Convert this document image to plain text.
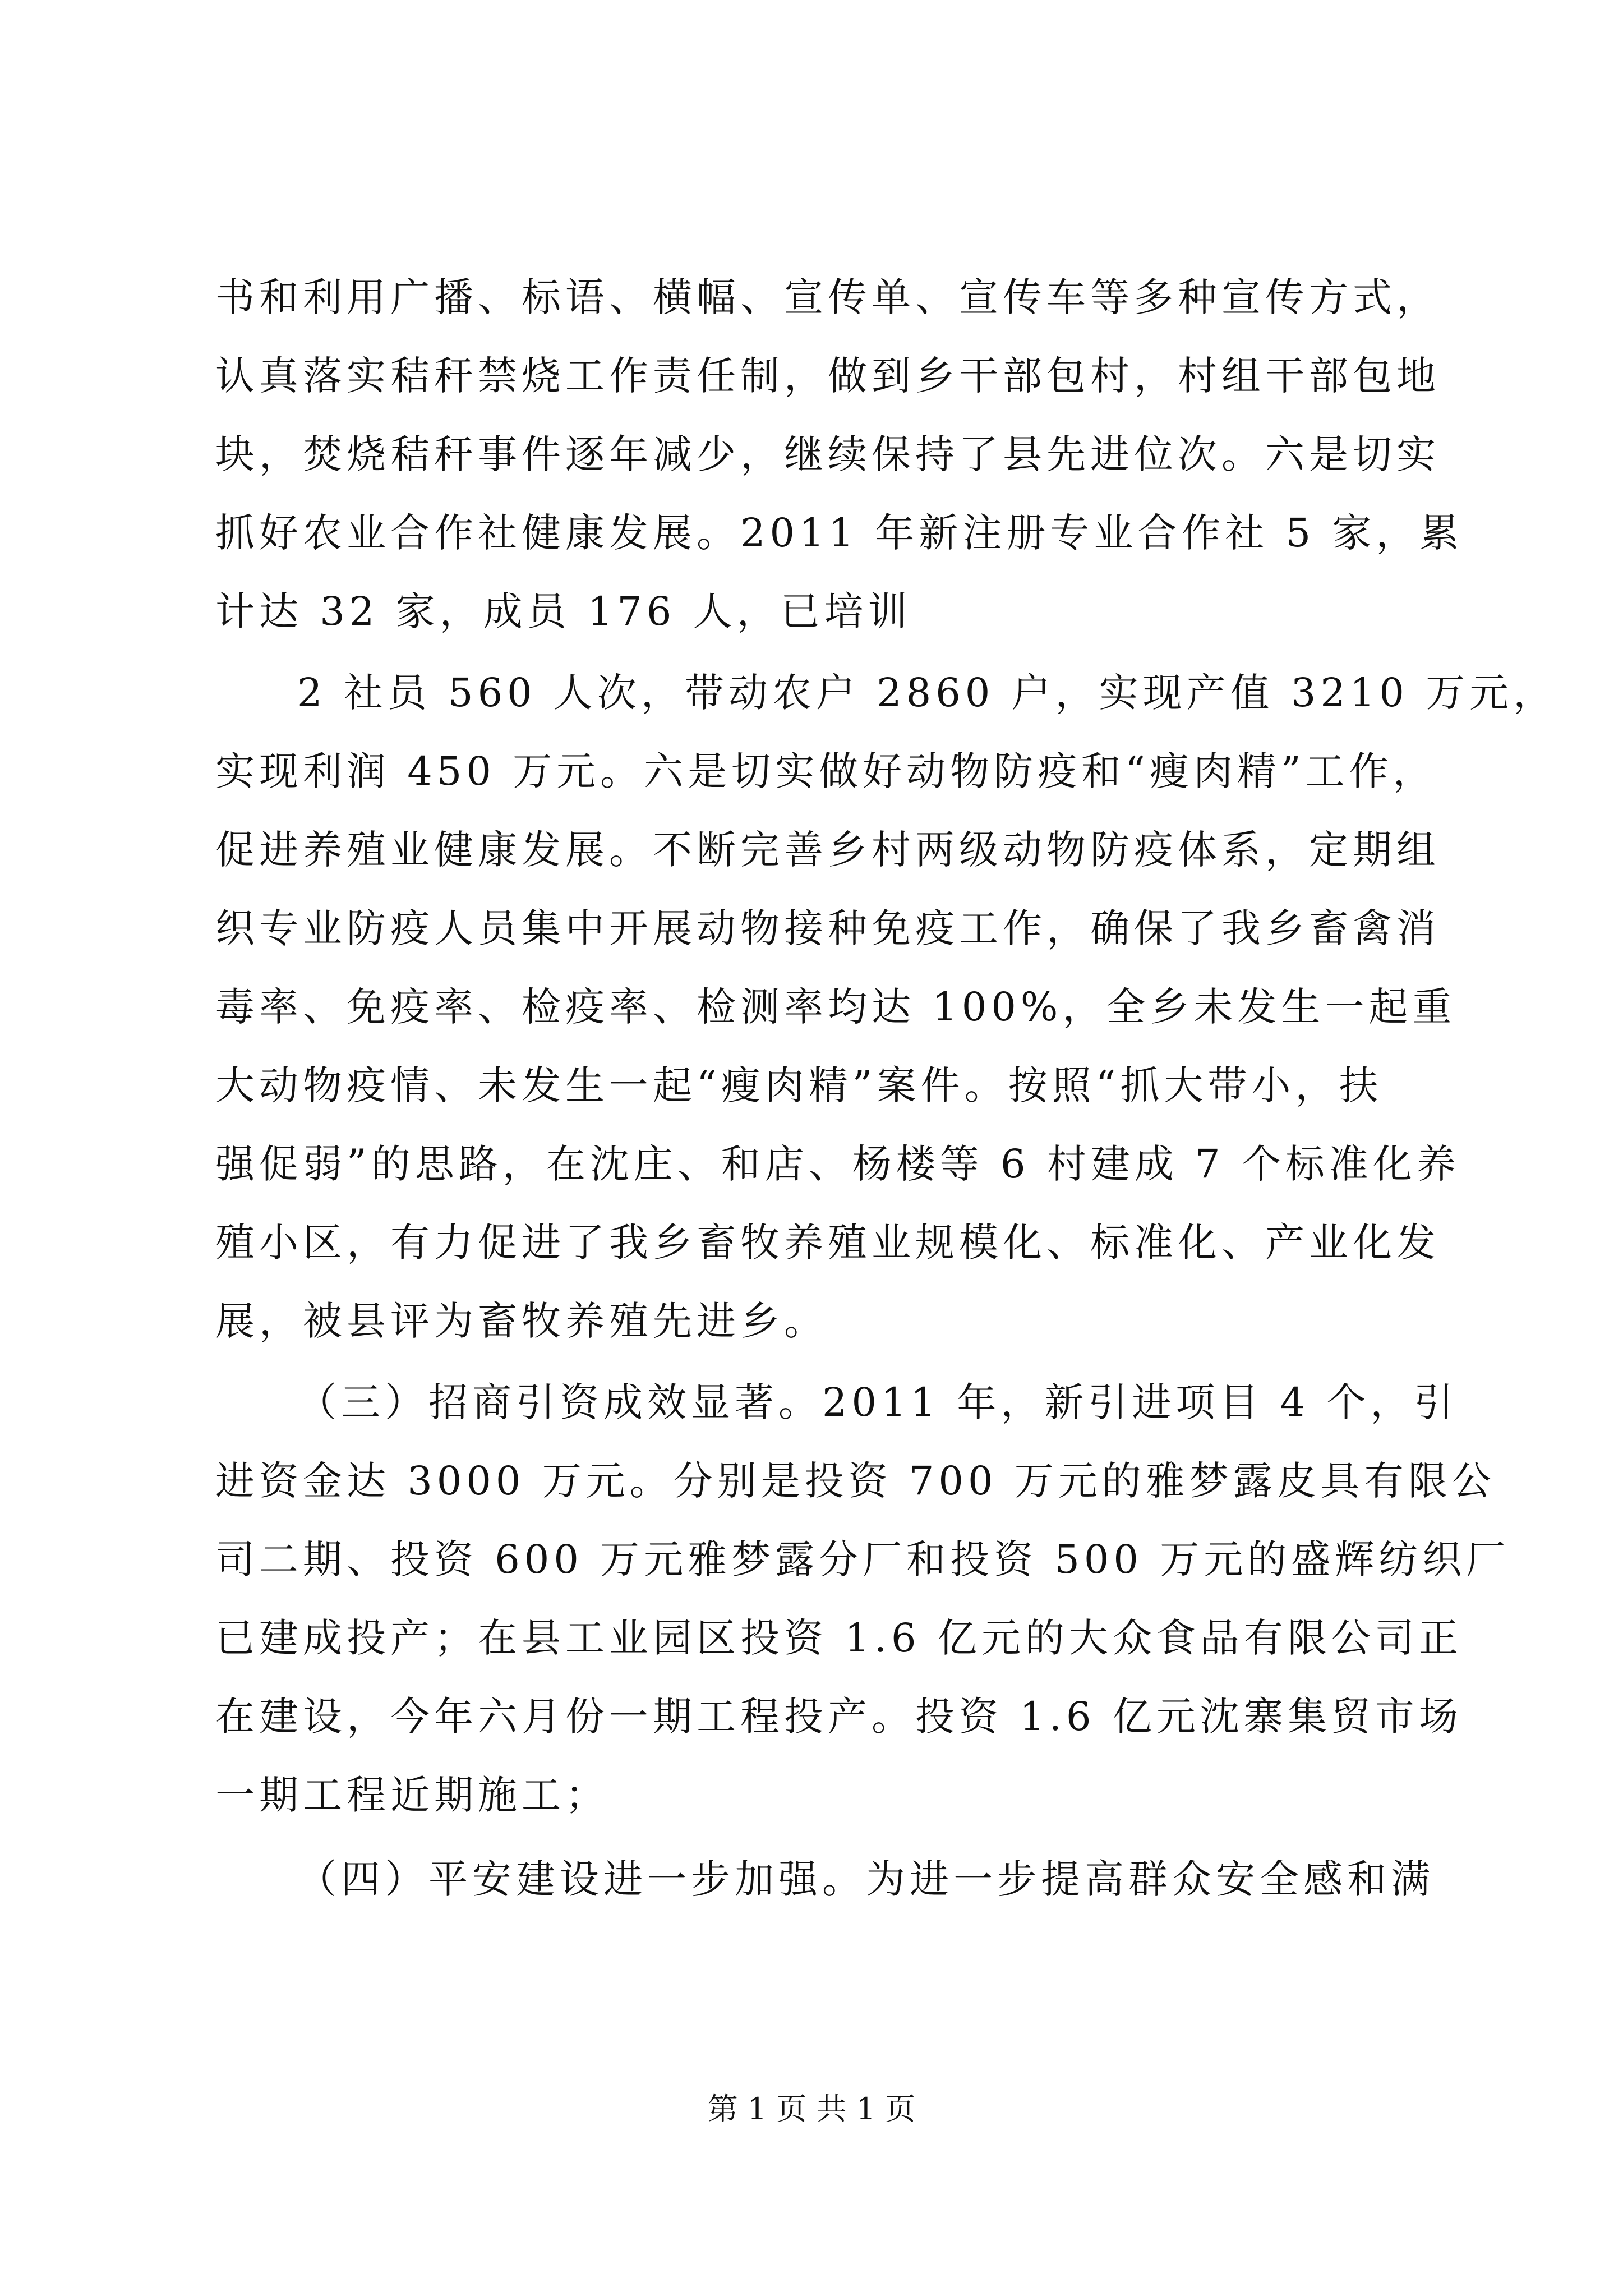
书和利用广播、标语、横幅、宣传单、宣传车等多种宣传方式，
认真落实秸秆禁烧工作责任制，做到乡干部包村，村组干部包地
块，焚烧秸秆事件逐年减少，继续保持了县先进位次。六是切实
抓好农业合作社健康发展。2011 年新注册专业合作社 5 家，累
计达 32 家，成员 176 人，已培训
2 社员 560 人次，带动农户 2860 户，实现产值 3210 万元，
实现利润 450 万元。六是切实做好动物防疫和“瘦肉精”工作，
促进养殖业健康发展。不断完善乡村两级动物防疫体系，定期组
织专业防疫人员集中开展动物接种免疫工作，确保了我乡畜禽消
毒率、免疫率、检疫率、检测率均达 100%，全乡未发生一起重
大动物疫情、未发生一起“瘦肉精”案件。按照“抓大带小，扶
强促弱”的思路，在沈庄、和店、杨楼等 6 村建成 7 个标准化养
殖小区，有力促进了我乡畜牧养殖业规模化、标准化、产业化发
展，被县评为畜牧养殖先进乡。
（三）招商引资成效显著。2011 年，新引进项目 4 个，引
进资金达 3000 万元。分别是投资 700 万元的雅梦露皮具有限公
司二期、投资 600 万元雅梦露分厂和投资 500 万元的盛辉纺织厂
已建成投产；在县工业园区投资 1.6 亿元的大众食品有限公司正
在建设，今年六月份一期工程投产。投资 1.6 亿元沈寨集贸市场
一期工程近期施工；
（四）平安建设进一步加强。为进一步提高群众安全感和满
第 1 页 共 1 页
